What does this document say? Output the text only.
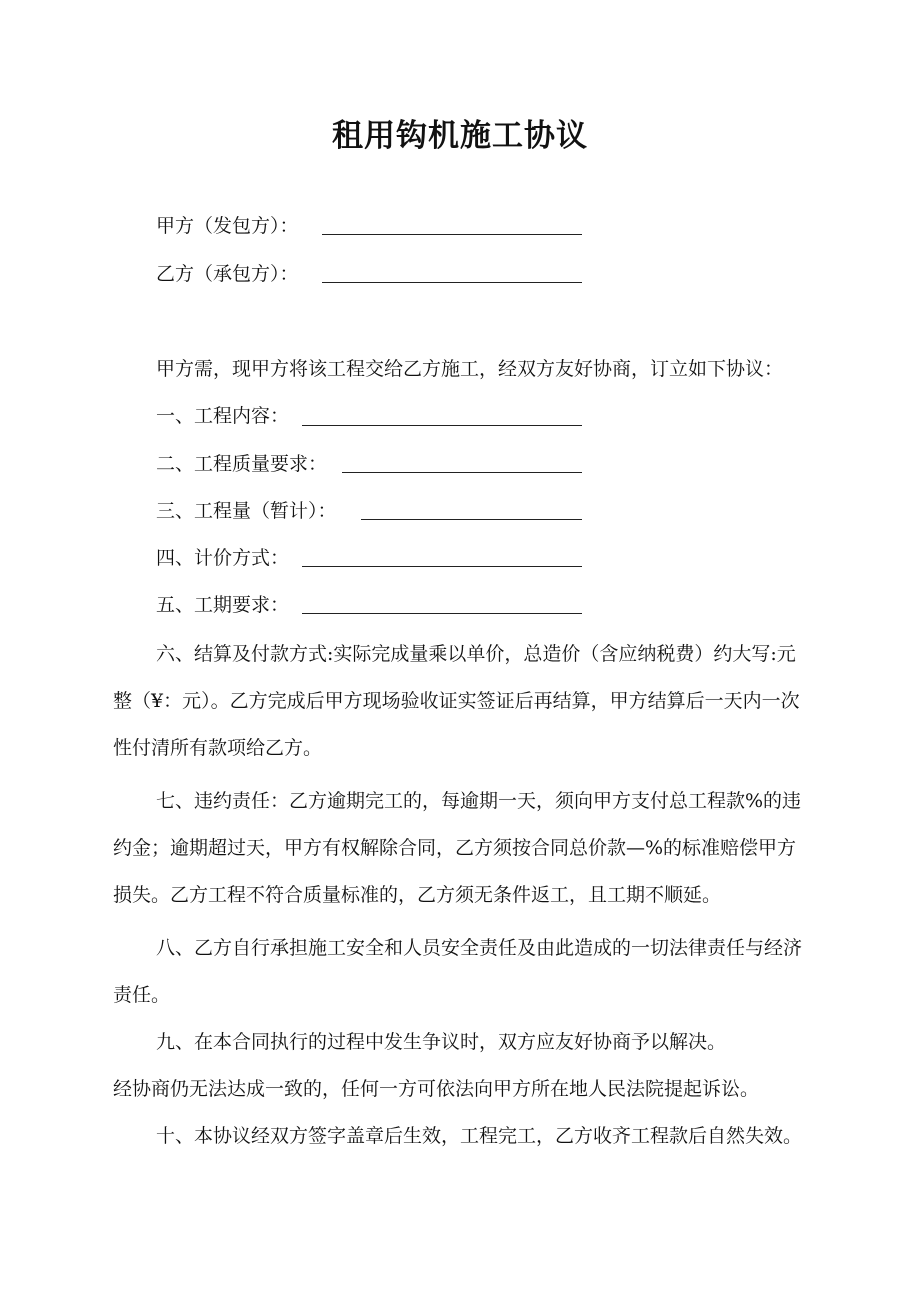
租用钩机施工协议
甲方（发包方）：
乙方（承包方）：
甲方需，现甲方将该工程交给乙方施工，经双方友好协商，订立如下协议：
一、工程内容：
二、工程质量要求：
三、工程量（暂计）：
四、计价方式：
五、工期要求：
六、结算及付款方式:实际完成量乘以单价，总造价（含应纳税费）约大写:元整（¥：元）。乙方完成后甲方现场验收证实签证后再结算，甲方结算后一天内一次性付清所有款项给乙方。
七、违约责任：乙方逾期完工的，每逾期一天，须向甲方支付总工程款%的违约金；逾期超过天，甲方有权解除合同，乙方须按合同总价款—%的标准赔偿甲方损失。乙方工程不符合质量标准的，乙方须无条件返工，且工期不顺延。
八、乙方自行承担施工安全和人员安全责任及由此造成的一切法律责任与经济责任。
九、在本合同执行的过程中发生争议时，双方应友好协商予以解决。
经协商仍无法达成一致的，任何一方可依法向甲方所在地人民法院提起诉讼。
十、本协议经双方签字盖章后生效，工程完工，乙方收齐工程款后自然失效。
